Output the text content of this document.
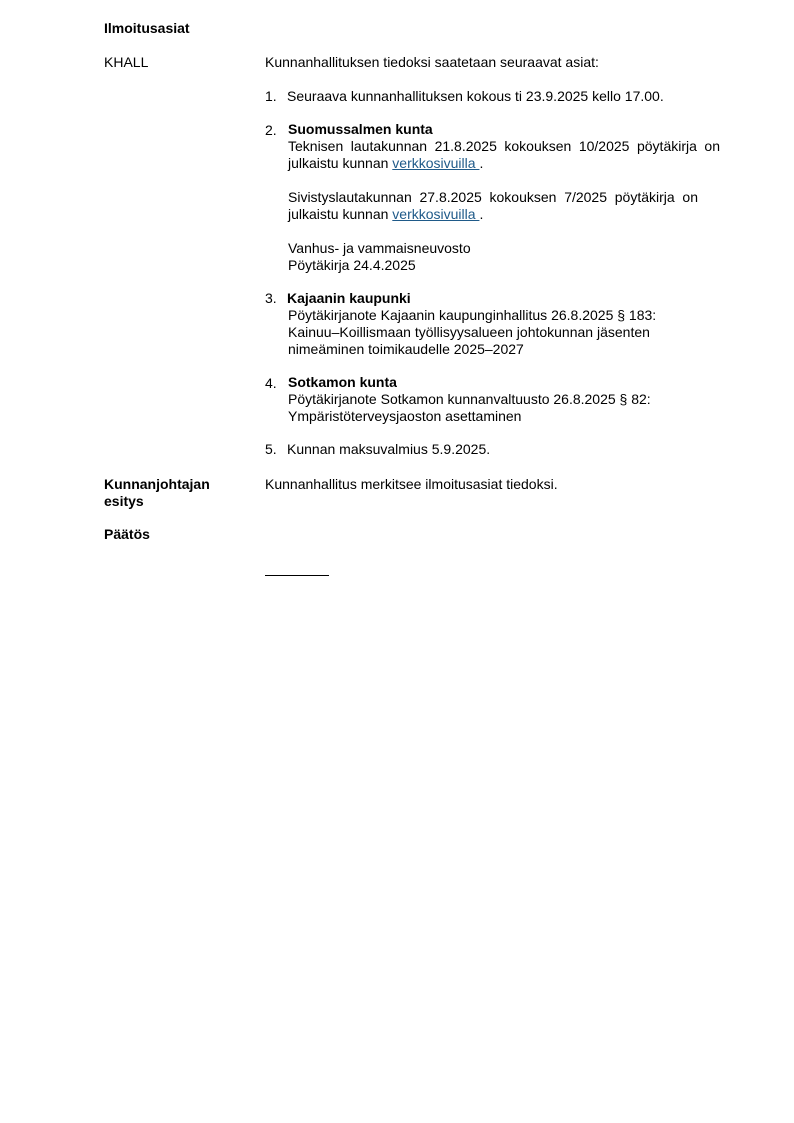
Ilmoitusasiat
KHALL	Kunnanhallituksen tiedoksi saatetaan seuraavat asiat:
1. Seuraava kunnanhallituksen kokous ti 23.9.2025 kello 17.00.
2. Suomussalmen kunta
Teknisen lautakunnan 21.8.2025 kokouksen 10/2025 pöytäkirja on
julkaistu kunnan verkkosivuilla .
Sivistyslautakunnan 27.8.2025 kokouksen 7/2025 pöytäkirja on
julkaistu kunnan verkkosivuilla .
Vanhus- ja vammaisneuvosto
Pöytäkirja 24.4.2025
3. Kajaanin kaupunki
Pöytäkirjanote Kajaanin kaupunginhallitus 26.8.2025 § 183:
Kainuu–Koillismaan työllisyysalueen johtokunnan jäsenten
nimeäminen toimikaudelle 2025–2027
4. Sotkamon kunta
Pöytäkirjanote Sotkamon kunnanvaltuusto 26.8.2025 § 82:
Ympäristöterveysjaoston asettaminen
5. Kunnan maksuvalmius 5.9.2025.
Kunnanjohtajan
esitys
Kunnanhallitus merkitsee ilmoitusasiat tiedoksi.
Päätös
